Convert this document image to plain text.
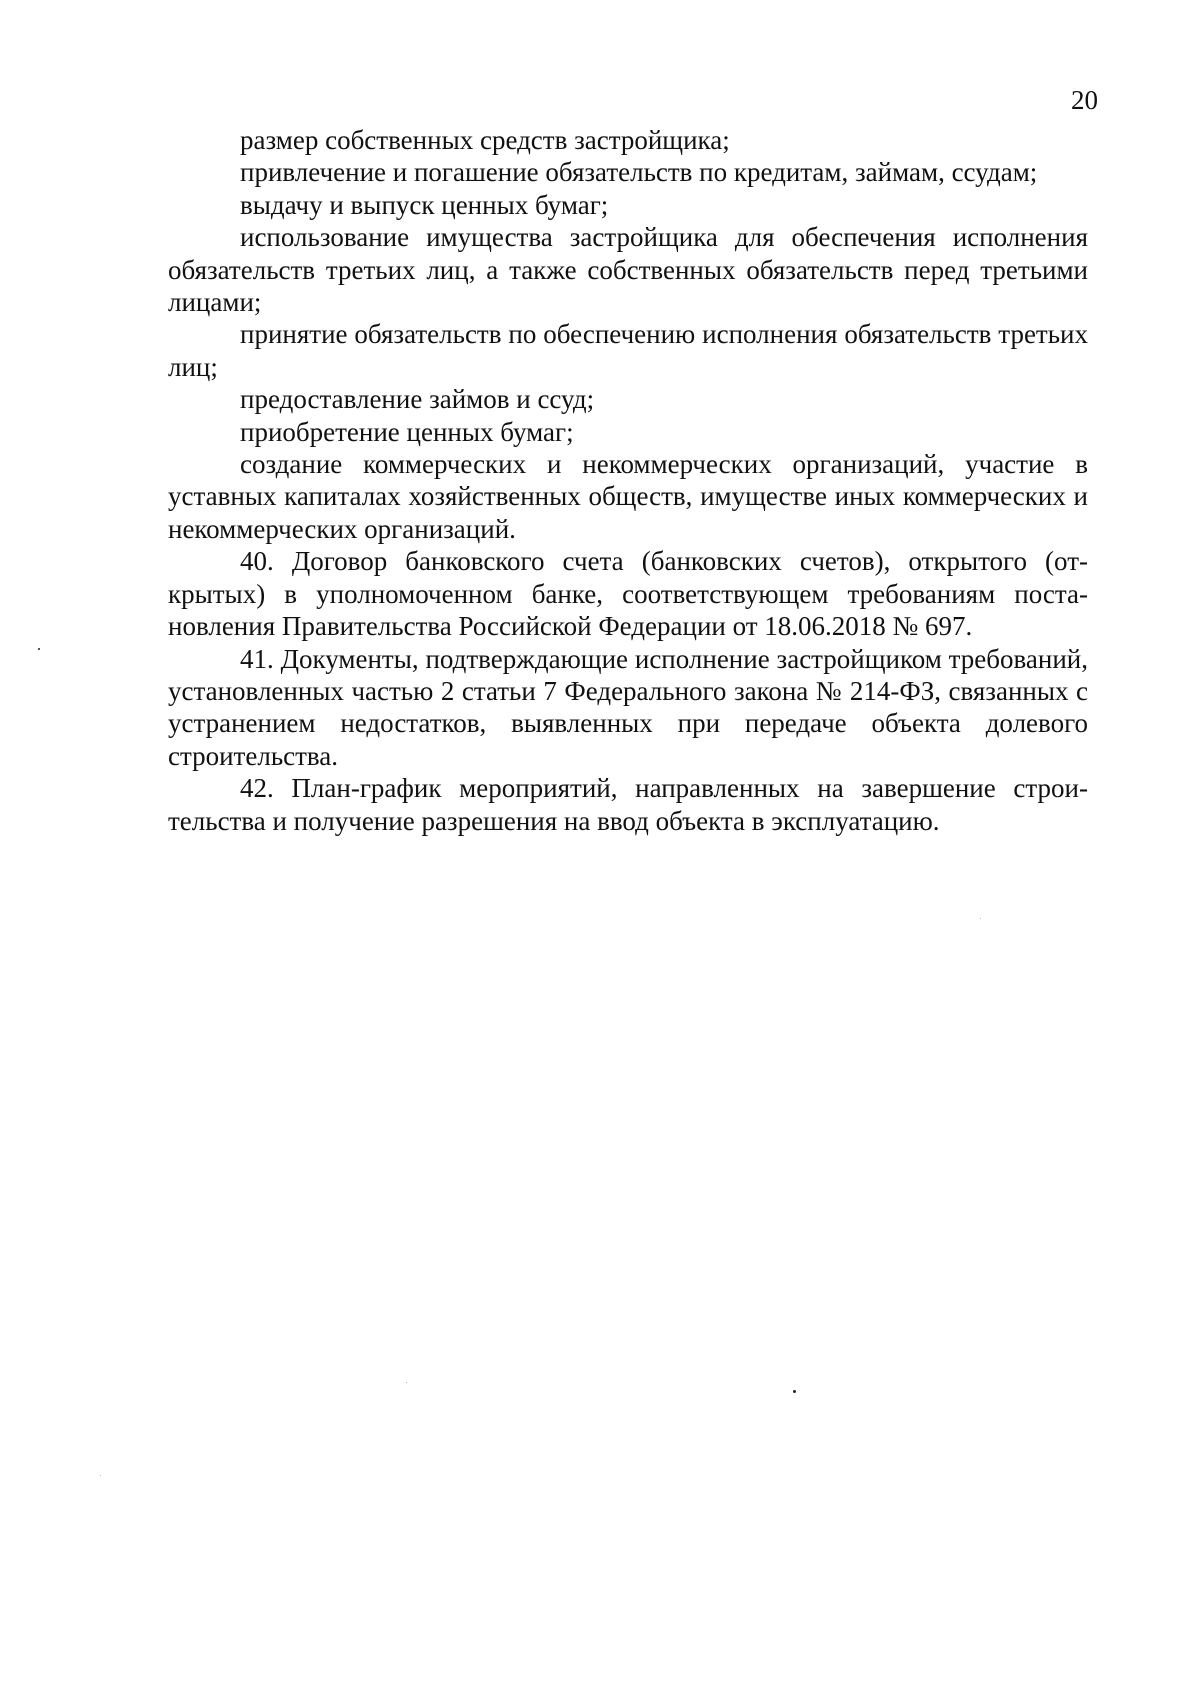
20

размер собственных средств застройщика;

привлечение и погашение обязательств по кредитам, займам, ссудам;

выдачу и выпуск ценных бумаг;

использование имущества застройщика для обеспечения исполнения обязательств третьих лиц, а также собственных обязательств перед третьими лицами;

принятие обязательств по обеспечению исполнения обязательств третьих лиц;

предоставление займов и ссуд;

приобретение ценных бумаг;

создание коммерческих и некоммерческих организаций, участие в уставных капиталах хозяйственных обществ, имуществе иных коммерческих и некоммерческих организаций.

40. Договор банковского счета (банковских счетов), открытого (открытых) в уполномоченном банке, соответствующем требованиям постановления Правительства Российской Федерации от 18.06.2018 № 697.

41. Документы, подтверждающие исполнение застройщиком требований, установленных частью 2 статьи 7 Федерального закона № 214-ФЗ, связанных с устранением недостатков, выявленных при передаче объекта долевого строительства.

42. План-график мероприятий, направленных на завершение строительства и получение разрешения на ввод объекта в эксплуатацию.
